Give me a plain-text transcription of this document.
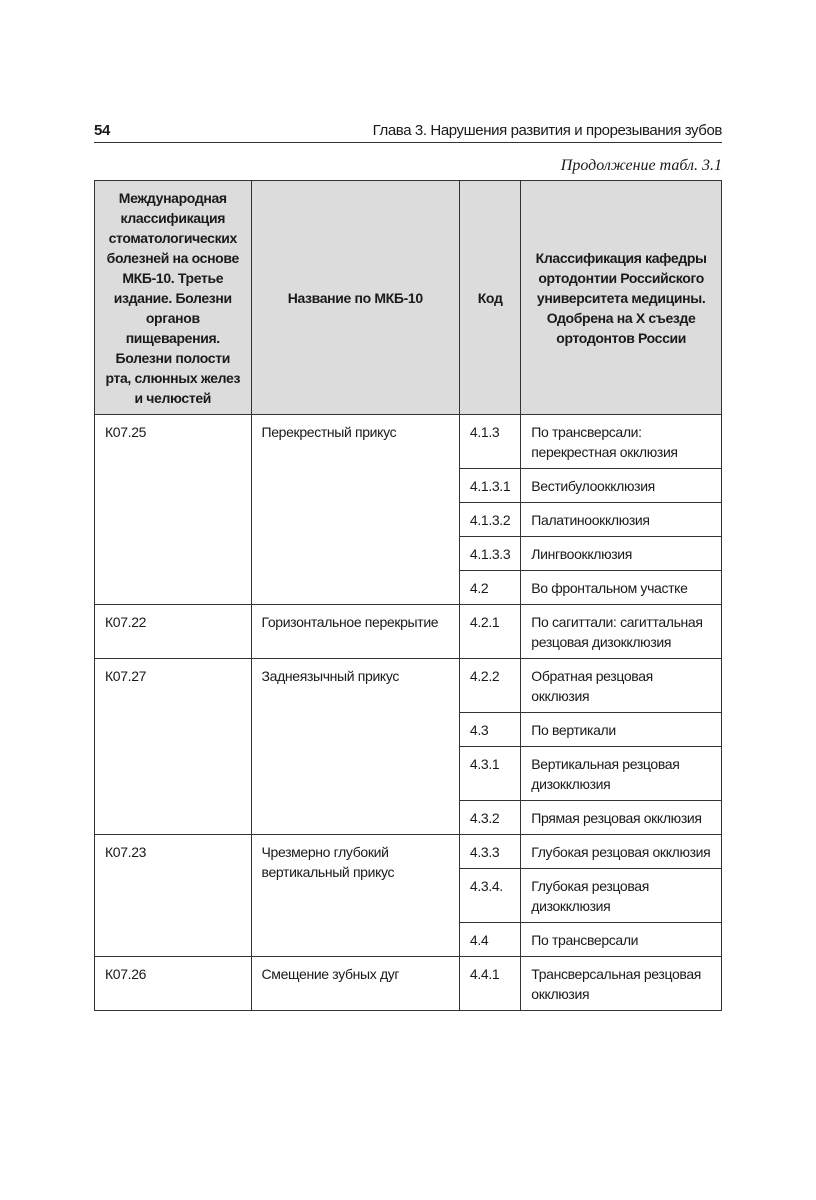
54	Глава 3. Нарушения развития и прорезывания зубов
Продолжение табл. 3.1
Международная классификация стоматологических болезней на основе МКБ-10. Третье издание. Болезни органов пищеварения. Болезни полости рта, слюнных желез и челюстей	Название по МКБ-10	Код	Классификация кафедры ортодонтии Российского университета медицины. Одобрена на X съезде ортодонтов России
К07.25	Перекрестный прикус	4.1.3	По трансверсали: перекрестная окклюзия
		4.1.3.1	Вестибулоокклюзия
		4.1.3.2	Палатиноокклюзия
		4.1.3.3	Лингвоокклюзия
		4.2	Во фронтальном участке
К07.22	Горизонтальное перекрытие	4.2.1	По сагиттали: сагиттальная резцовая дизокклюзия
К07.27	Заднеязычный прикус	4.2.2	Обратная резцовая окклюзия
		4.3	По вертикали
		4.3.1	Вертикальная резцовая дизокклюзия
		4.3.2	Прямая резцовая окклюзия
К07.23	Чрезмерно глубокий вертикальный прикус	4.3.3	Глубокая резцовая окклюзия
		4.3.4.	Глубокая резцовая дизокклюзия
		4.4	По трансверсали
К07.26	Смещение зубных дуг	4.4.1	Трансверсальная резцовая окклюзия
